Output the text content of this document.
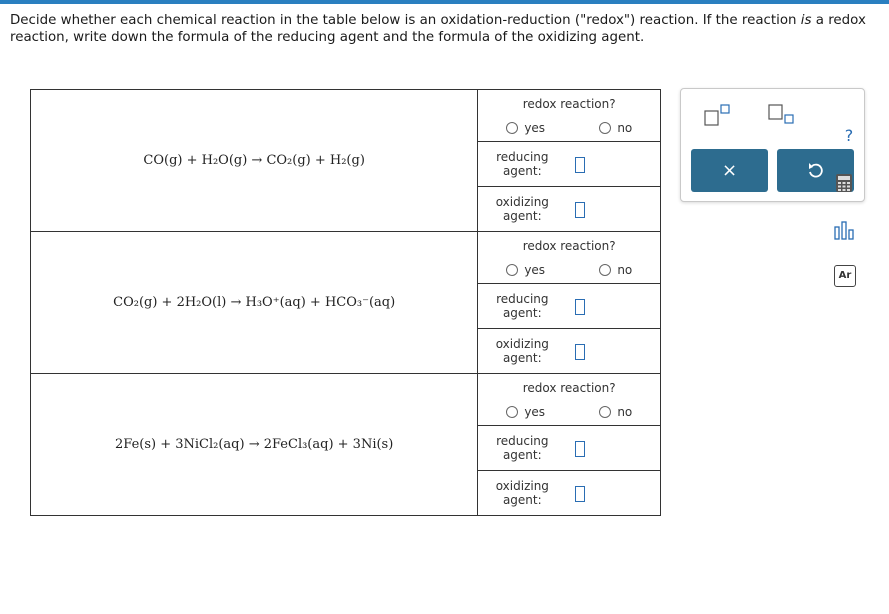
Decide whether each chemical reaction in the table below is an oxidation-reduction ("redox") reaction. If the reaction is a redox reaction, write down the formula of the reducing agent and the formula of the oxidizing agent.
CO(g) + H₂O(g) → CO₂(g) + H₂(g)	redox reaction?
yes no
reducing agent:
oxidizing agent:

CO₂(g) + 2H₂O(l) → H₃O⁺(aq) + HCO₃⁻(aq)	redox reaction?
yes no
reducing agent:
oxidizing agent:

2Fe(s) + 3NiCl₂(aq) → 2FeCl₃(aq) + 3Ni(s)	redox reaction?
yes no
reducing agent:
oxidizing agent:
×
?
Ar
